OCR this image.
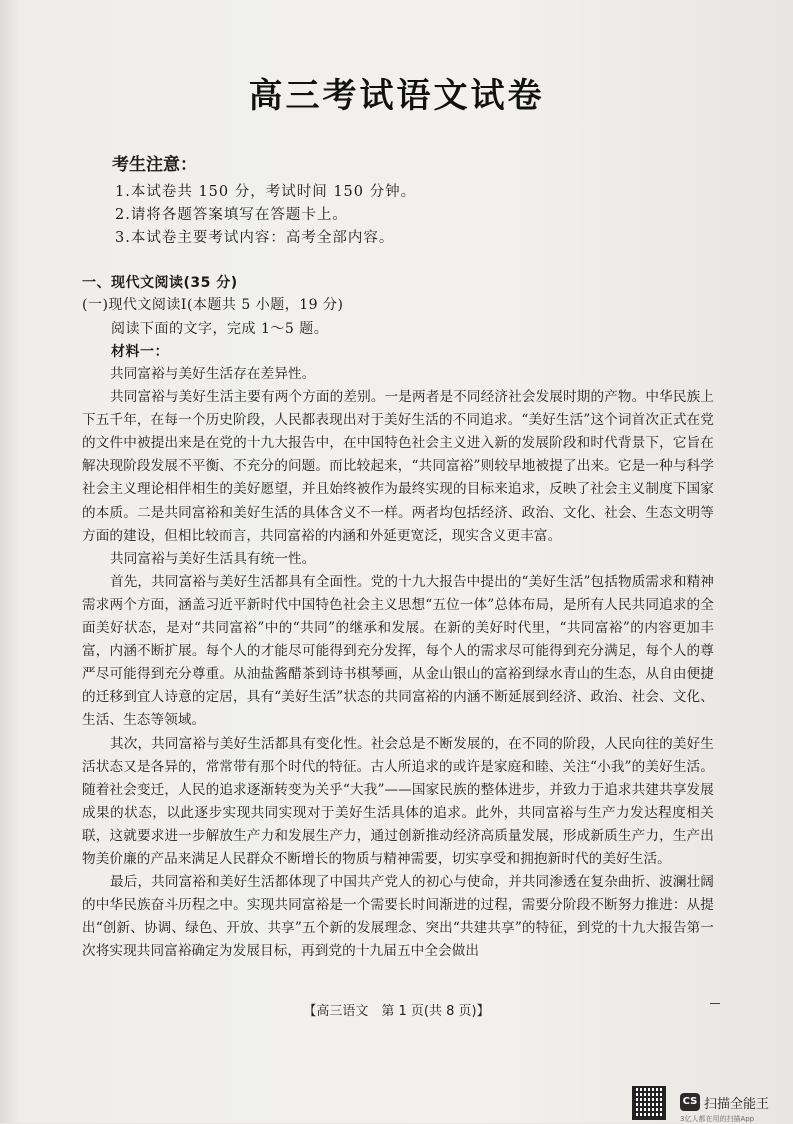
高三考试语文试卷
考生注意：
1.本试卷共 150 分，考试时间 150 分钟。
2.请将各题答案填写在答题卡上。
3.本试卷主要考试内容：高考全部内容。
一、现代文阅读(35 分)
(一)现代文阅读Ⅰ(本题共 5 小题，19 分)
阅读下面的文字，完成 1～5 题。
材料一：

共同富裕与美好生活存在差异性。

共同富裕与美好生活主要有两个方面的差别。一是两者是不同经济社会发展时期的产物。中华民族上下五千年，在每一个历史阶段，人民都表现出对于美好生活的不同追求。“美好生活”这个词首次正式在党的文件中被提出来是在党的十九大报告中，在中国特色社会主义进入新的发展阶段和时代背景下，它旨在解决现阶段发展不平衡、不充分的问题。而比较起来，“共同富裕”则较早地被提了出来。它是一种与科学社会主义理论相伴相生的美好愿望，并且始终被作为最终实现的目标来追求，反映了社会主义制度下国家的本质。二是共同富裕和美好生活的具体含义不一样。两者均包括经济、政治、文化、社会、生态文明等方面的建设，但相比较而言，共同富裕的内涵和外延更宽泛，现实含义更丰富。

共同富裕与美好生活具有统一性。

首先，共同富裕与美好生活都具有全面性。党的十九大报告中提出的“美好生活”包括物质需求和精神需求两个方面，涵盖习近平新时代中国特色社会主义思想“五位一体”总体布局，是所有人民共同追求的全面美好状态，是对“共同富裕”中的“共同”的继承和发展。在新的美好时代里，“共同富裕”的内容更加丰富，内涵不断扩展。每个人的才能尽可能得到充分发挥，每个人的需求尽可能得到充分满足，每个人的尊严尽可能得到充分尊重。从油盐酱醋茶到诗书棋琴画，从金山银山的富裕到绿水青山的生态，从自由便捷的迁移到宜人诗意的定居，具有“美好生活”状态的共同富裕的内涵不断延展到经济、政治、社会、文化、生活、生态等领域。

其次，共同富裕与美好生活都具有变化性。社会总是不断发展的，在不同的阶段，人民向往的美好生活状态又是各异的，常常带有那个时代的特征。古人所追求的或许是家庭和睦、关注“小我”的美好生活。随着社会变迁，人民的追求逐渐转变为关乎“大我”——国家民族的整体进步，并致力于追求共建共享发展成果的状态，以此逐步实现共同实现对于美好生活具体的追求。此外，共同富裕与生产力发达程度相关联，这就要求进一步解放生产力和发展生产力，通过创新推动经济高质量发展，形成新质生产力，生产出物美价廉的产品来满足人民群众不断增长的物质与精神需要，切实享受和拥抱新时代的美好生活。

最后，共同富裕和美好生活都体现了中国共产党人的初心与使命，并共同渗透在复杂曲折、波澜壮阔的中华民族奋斗历程之中。实现共同富裕是一个需要长时间渐进的过程，需要分阶段不断努力推进：从提出“创新、协调、绿色、开放、共享”五个新的发展理念、突出“共建共享”的特征，到党的十九大报告第一次将实现共同富裕确定为发展目标，再到党的十九届五中全会做出

【高三语文　第 1 页(共 8 页)】
CS 扫描全能王
3亿人都在用的扫描App
